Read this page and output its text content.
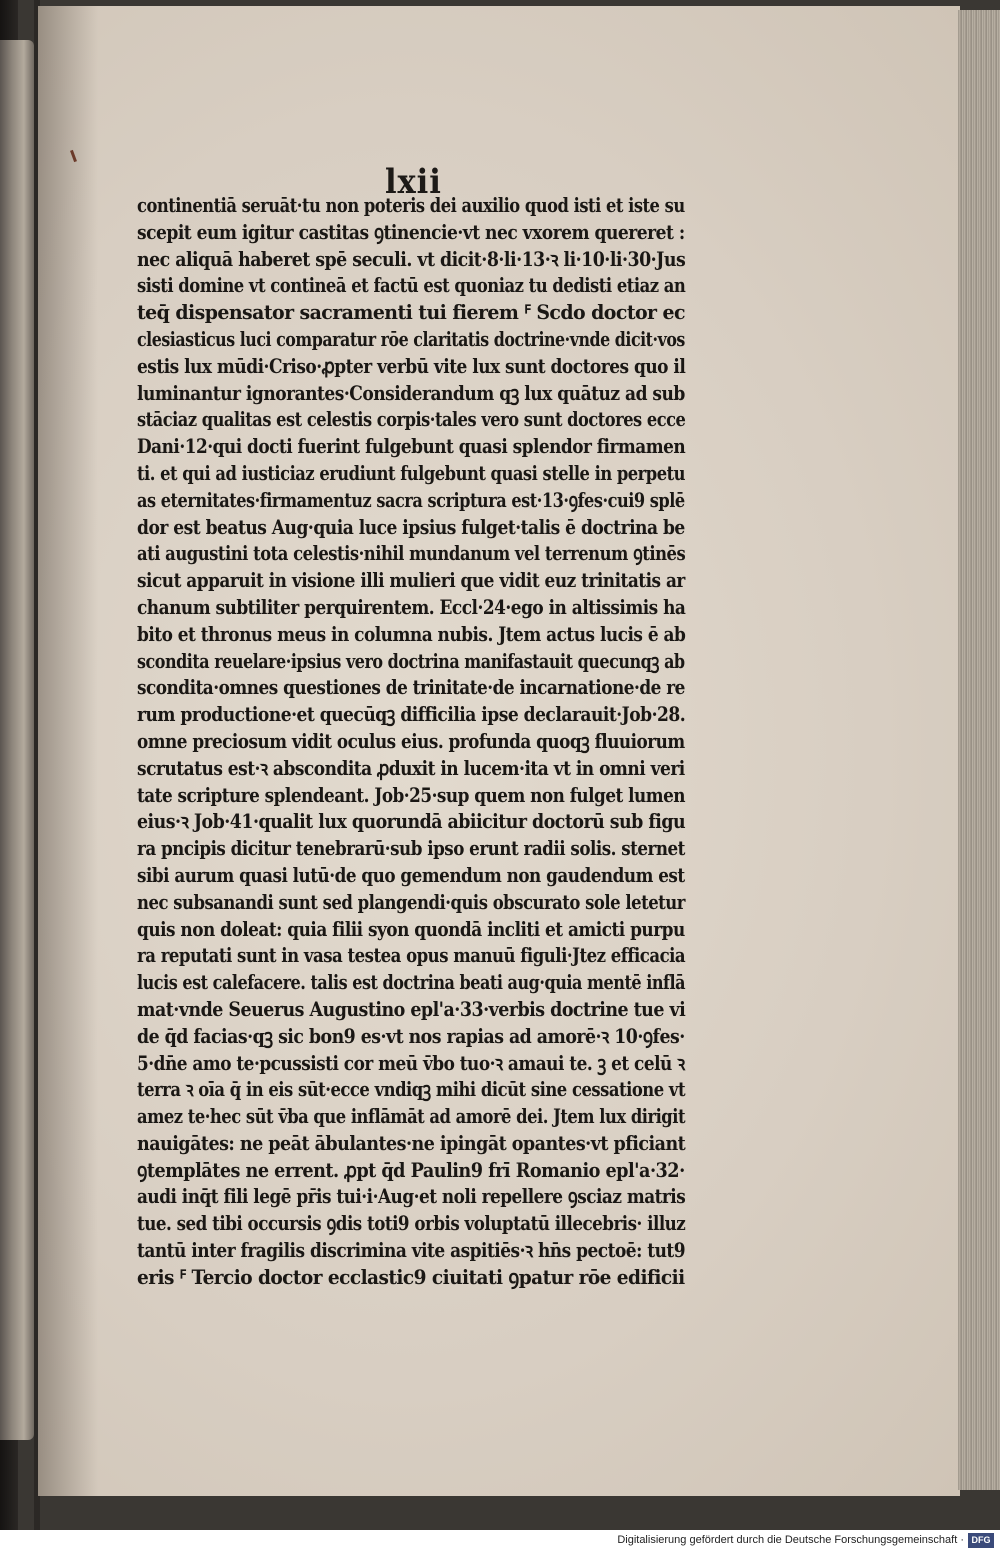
lxii
continentiā seruāt·tu non poteris dei auxilio quod isti et iste su
scepit eum igitur castitas ꝯtinencie·vt nec vxorem quereret :
nec aliquā haberet spē seculi. vt dicit·8·li·13·ꝛ li·10·li·30·Jus
sisti domine vt contineā et factū est quoniaz tu dedisti etiaz an
teq̄ dispensator sacramenti tui fierem ꟳ Scdo doctor ec
clesiasticus luci comparatur rōe claritatis doctrine·vnde dicit·vos
estis lux mūdi·Criso·ꝓpter verbū vite lux sunt doctores quo il
luminantur ignorantes·Considerandum qꝫ lux quātuz ad sub
stāciaz qualitas est celestis corpis·tales vero sunt doctores ecce
Dani·12·qui docti fuerint fulgebunt quasi splendor firmamen
ti. et qui ad iusticiaz erudiunt fulgebunt quasi stelle in perpetu
as eternitates·firmamentuz sacra scriptura est·13·ꝯfes·cui9 splē
dor est beatus Aug·quia luce ipsius fulget·talis ē doctrina be
ati augustini tota celestis·nihil mundanum vel terrenum ꝯtinēs
sicut apparuit in visione illi mulieri que vidit euz trinitatis ar
chanum subtiliter perquirentem. Eccl·24·ego in altissimis ha
bito et thronus meus in columna nubis. Jtem actus lucis ē ab
scondita reuelare·ipsius vero doctrina manifastauit quecunqꝫ ab
scondita·omnes questiones de trinitate·de incarnatione·de re
rum productione·et quecūqꝫ difficilia ipse declarauit·Job·28.
omne preciosum vidit oculus eius. profunda quoqꝫ fluuiorum
scrutatus est·ꝛ abscondita ꝓduxit in lucem·ita vt in omni veri
tate scripture splendeant. Job·25·sup quem non fulget lumen
eius·ꝛ Job·41·qualit lux quorundā abiicitur doctorū sub figu
ra pncipis dicitur tenebrarū·sub ipso erunt radii solis. sternet
sibi aurum quasi lutū·de quo gemendum non gaudendum est
nec subsanandi sunt sed plangendi·quis obscurato sole letetur
quis non doleat: quia filii syon quondā incliti et amicti purpu
ra reputati sunt in vasa testea opus manuū figuli·Jtez efficacia
lucis est calefacere. talis est doctrina beati aug·quia mentē inflā
mat·vnde Seuerus Augustino epl'a·33·verbis doctrine tue vi
de q̄d facias·qꝫ sic bon9 es·vt nos rapias ad amorē·ꝛ 10·ꝯfes·
5·dn̄e amo te·pcussisti cor meū v̄bo tuo·ꝛ amaui te. ꝫ et celū ꝛ
terra ꝛ oīa q̄ in eis sūt·ecce vndiqꝫ mihi dicūt sine cessatione vt
amez te·hec sūt v̄ba que inflāmāt ad amorē dei. Jtem lux dirigit
nauigātes: ne peāt ābulantes·ne ipingāt opantes·vt pficiant
ꝯtemplātes ne errent. ꝓpt q̄d Paulin9 frī Romanio epl'a·32·
audi inq̄t fili legē pr̄is tui·i·Aug·et noli repellere ꝯsciaz matris
tue. sed tibi occursis ꝯdis toti9 orbis voluptatū illecebris· illuz
tantū inter fragilis discrimina vite aspitiēs·ꝛ hn̄s pectoē: tut9
eris ꟳ Tercio doctor ecclastic9 ciuitati ꝯpatur rōe edificii
Digitalisierung gefördert durch die Deutsche Forschungsgemeinschaft · DFG
